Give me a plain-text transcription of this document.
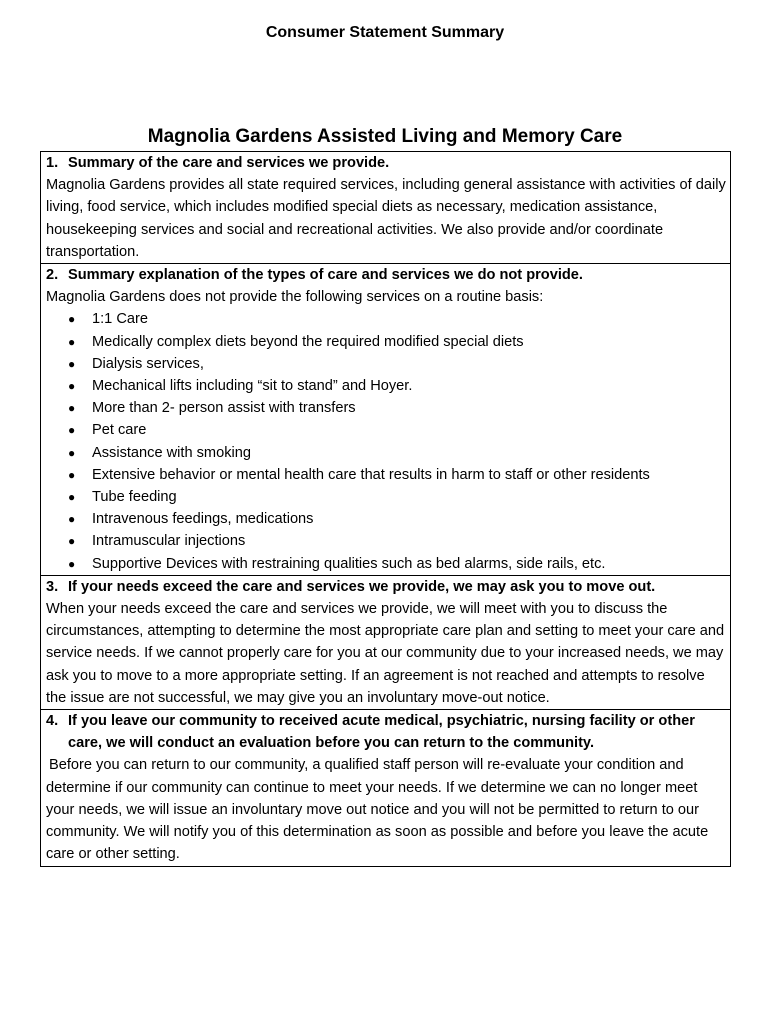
Consumer Statement Summary
Magnolia Gardens Assisted Living and Memory Care
1. Summary of the care and services we provide.
Magnolia Gardens provides all state required services, including general assistance with activities of daily living, food service, which includes modified special diets as necessary, medication assistance, housekeeping services and social and recreational activities. We also provide and/or coordinate transportation.
2. Summary explanation of the types of care and services we do not provide.
Magnolia Gardens does not provide the following services on a routine basis:
●	1:1 Care
●	Medically complex diets beyond the required modified special diets
●	Dialysis services,
●	Mechanical lifts including “sit to stand” and Hoyer.
●	More than 2- person assist with transfers
●	Pet care
●	Assistance with smoking
●	Extensive behavior or mental health care that results in harm to staff or other residents
●	Tube feeding
●	Intravenous feedings, medications
●	Intramuscular injections
●	Supportive Devices with restraining qualities such as bed alarms, side rails, etc.
3. If your needs exceed the care and services we provide, we may ask you to move out.
When your needs exceed the care and services we provide, we will meet with you to discuss the circumstances, attempting to determine the most appropriate care plan and setting to meet your care and service needs. If we cannot properly care for you at our community due to your increased needs, we may ask you to move to a more appropriate setting. If an agreement is not reached and attempts to resolve the issue are not successful, we may give you an involuntary move-out notice.
4. If you leave our community to received acute medical, psychiatric, nursing facility or other care, we will conduct an evaluation before you can return to the community.
Before you can return to our community, a qualified staff person will re-evaluate your condition and determine if our community can continue to meet your needs. If we determine we can no longer meet your needs, we will issue an involuntary move out notice and you will not be permitted to return to our community. We will notify you of this determination as soon as possible and before you leave the acute care or other setting.
